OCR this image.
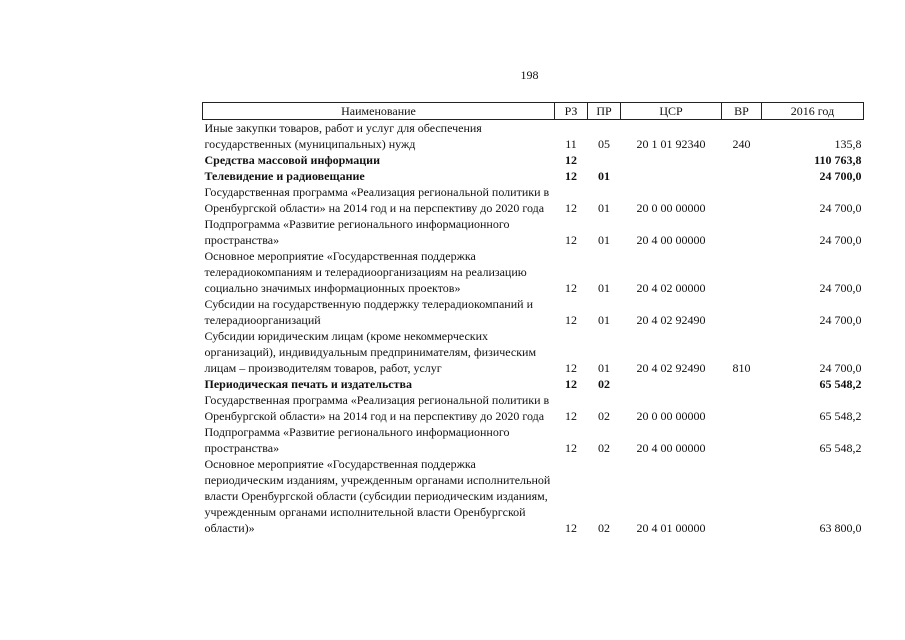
198
Наименование	РЗ	ПР	ЦСР	ВР	2016 год
Иные закупки товаров, работ и услуг для обеспечения государственных (муниципальных) нужд	11	05	20 1 01 92340	240	135,8
Средства массовой информации	12				110 763,8
Телевидение и радиовещание	12	01			24 700,0
Государственная программа «Реализация региональной политики в Оренбургской области» на 2014 год и на перспективу до 2020 года	12	01	20 0 00 00000		24 700,0
Подпрограмма «Развитие регионального информационного пространства»	12	01	20 4 00 00000		24 700,0
Основное мероприятие «Государственная поддержка телерадиокомпаниям и телерадиоорганизациям на реализацию социально значимых информационных проектов»	12	01	20 4 02 00000		24 700,0
Субсидии на государственную поддержку телерадиокомпаний и телерадиоорганизаций	12	01	20 4 02 92490		24 700,0
Субсидии юридическим лицам (кроме некоммерческих организаций), индивидуальным предпринимателям, физическим лицам – производителям товаров, работ, услуг	12	01	20 4 02 92490	810	24 700,0
Периодическая печать и издательства	12	02			65 548,2
Государственная программа «Реализация региональной политики в Оренбургской области» на 2014 год и на перспективу до 2020 года	12	02	20 0 00 00000		65 548,2
Подпрограмма «Развитие регионального информационного пространства»	12	02	20 4 00 00000		65 548,2
Основное мероприятие «Государственная поддержка периодическим изданиям, учрежденным органами исполнительной власти Оренбургской области (субсидии периодическим изданиям, учрежденным органами исполнительной власти Оренбургской области)»	12	02	20 4 01 00000		63 800,0
